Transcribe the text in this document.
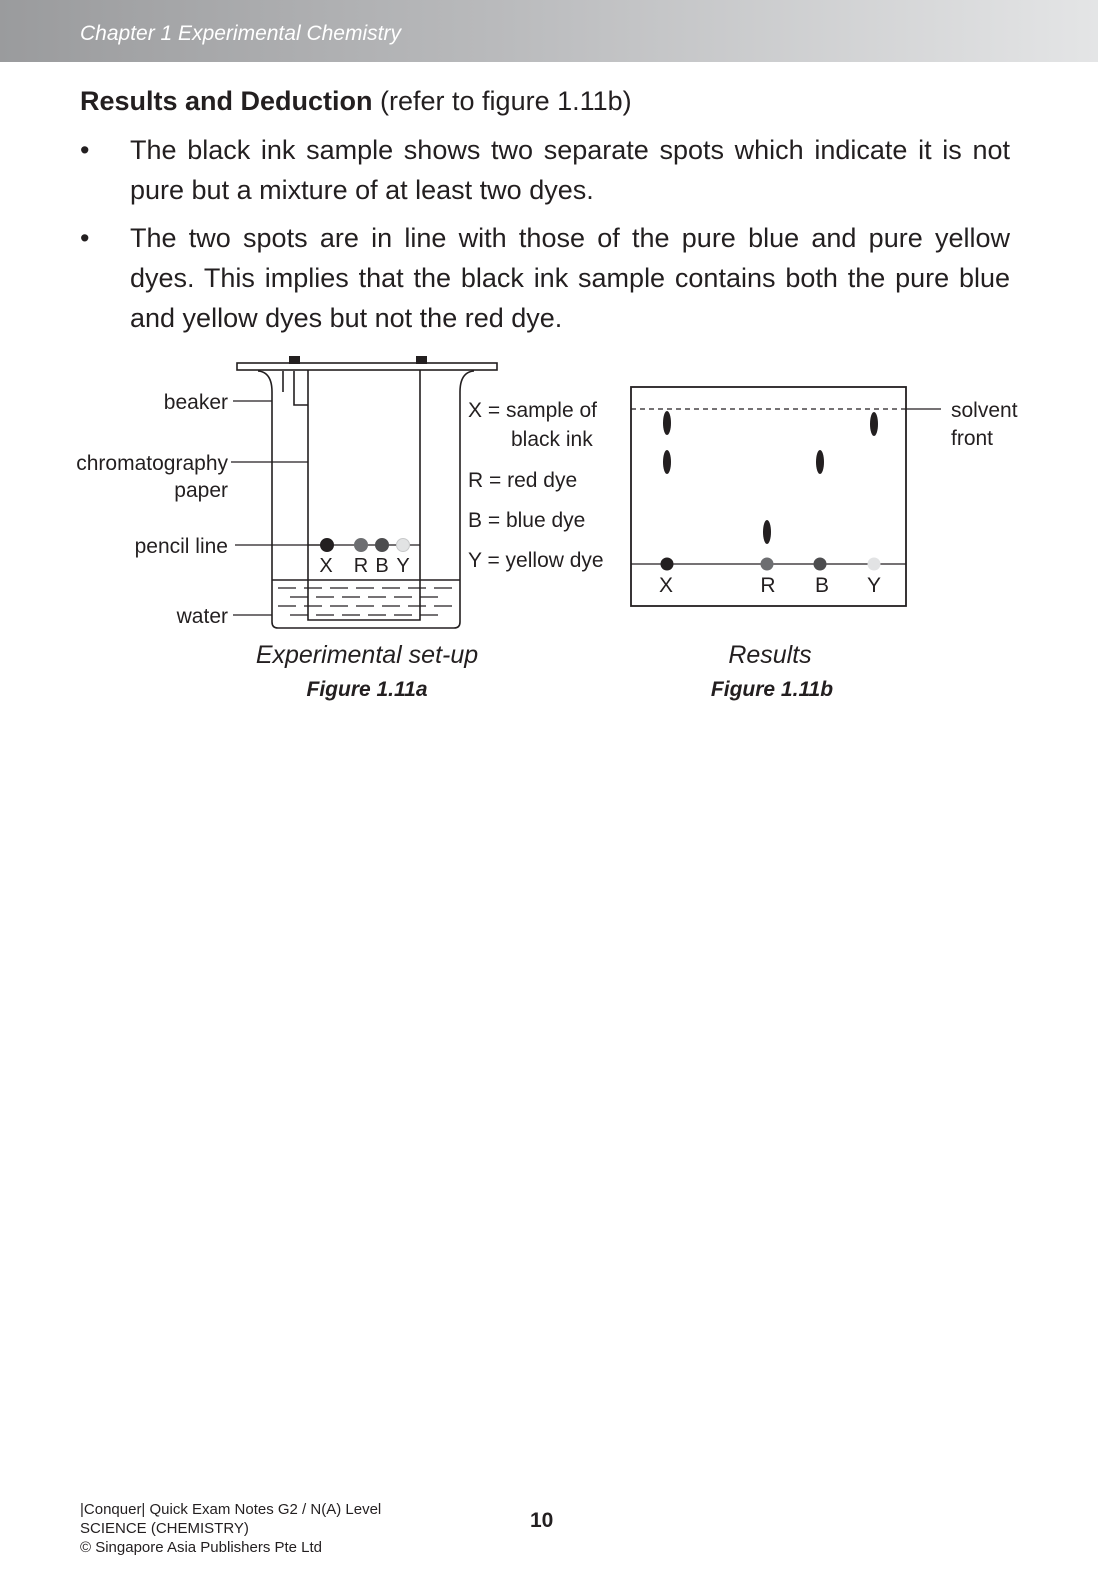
Chapter 1 Experimental Chemistry
Results and Deduction (refer to figure 1.11b)
• The black ink sample shows two separate spots which indicate it is not pure but a mixture of at least two dyes.
• The two spots are in line with those of the pure blue and pure yellow dyes. This implies that the black ink sample contains both the pure blue and yellow dyes but not the red dye.
X R B Y
beaker
chromatography
paper
pencil line
water
Experimental set-up
Figure 1.11a
X = sample of
black ink
R = red dye
B = blue dye
Y = yellow dye
X	R B Y
solvent
front
Results
Figure 1.11b
|Conquer| Quick Exam Notes G2 / N(A) Level
SCIENCE (CHEMISTRY)
© Singapore Asia Publishers Pte Ltd
10
